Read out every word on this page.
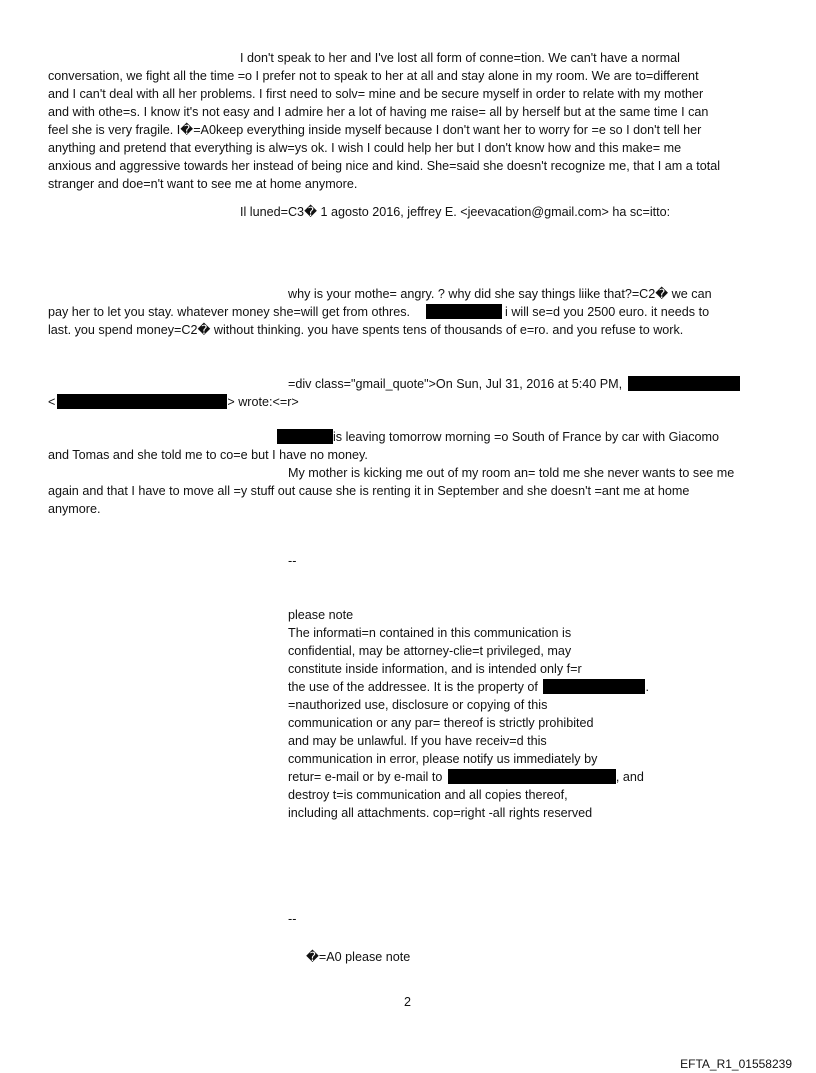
I don't speak to her and I've lost all form of conne=tion. We can't have a normal
conversation, we fight all the time =o I prefer not to speak to her at all and stay alone in my room. We are to=different
and I can't deal with all her problems. I first need to solv= mine and be secure myself in order to relate with my mother
and with othe=s. I know it's not easy and I admire her a lot of having me raise= all by herself but at the same time I can
feel she is very fragile. I�=A0keep everything inside myself because I don't want her to worry for =e so I don't tell her
anything and pretend that everything is alw=ys ok. I wish I could help her but I don't know how and this make= me
anxious and aggressive towards her instead of being nice and kind. She=said she doesn't recognize me, that I am a total
stranger and doe=n't want to see me at home anymore.
Il luned=C3� 1 agosto 2016, jeffrey E. <jeevacation@gmail.com> ha sc=itto:
why is your mothe= angry. ? why did she say things liike that?=C2� we can
pay her to let you stay. whatever money she=will get from othres.	i will se=d you 2500 euro. it needs to
last. you spend money=C2� without thinking. you have spents tens of thousands of e=ro. and you refuse to work.
=div class="gmail_quote">On Sun, Jul 31, 2016 at 5:40 PM,
<	> wrote:<=r>
is leaving tomorrow morning =o South of France by car with Giacomo
and Tomas and she told me to co=e but I have no money.
My mother is kicking me out of my room an= told me she never wants to see me
again and that I have to move all =y stuff out cause she is renting it in September and she doesn't =ant me at home
anymore.
--
please note
The informati=n contained in this communication is
confidential, may be attorney-clie=t privileged, may
constitute inside information, and is intended only f=r
the use of the addressee. It is the property of	.
=nauthorized use, disclosure or copying of this
communication or any par= thereof is strictly prohibited
and may be unlawful. If you have receiv=d this
communication in error, please notify us immediately by
retur= e-mail or by e-mail to	, and
destroy t=is communication and all copies thereof,
including all attachments. cop=right -all rights reserved
--
�=A0 please note
2
EFTA_R1_01558239
